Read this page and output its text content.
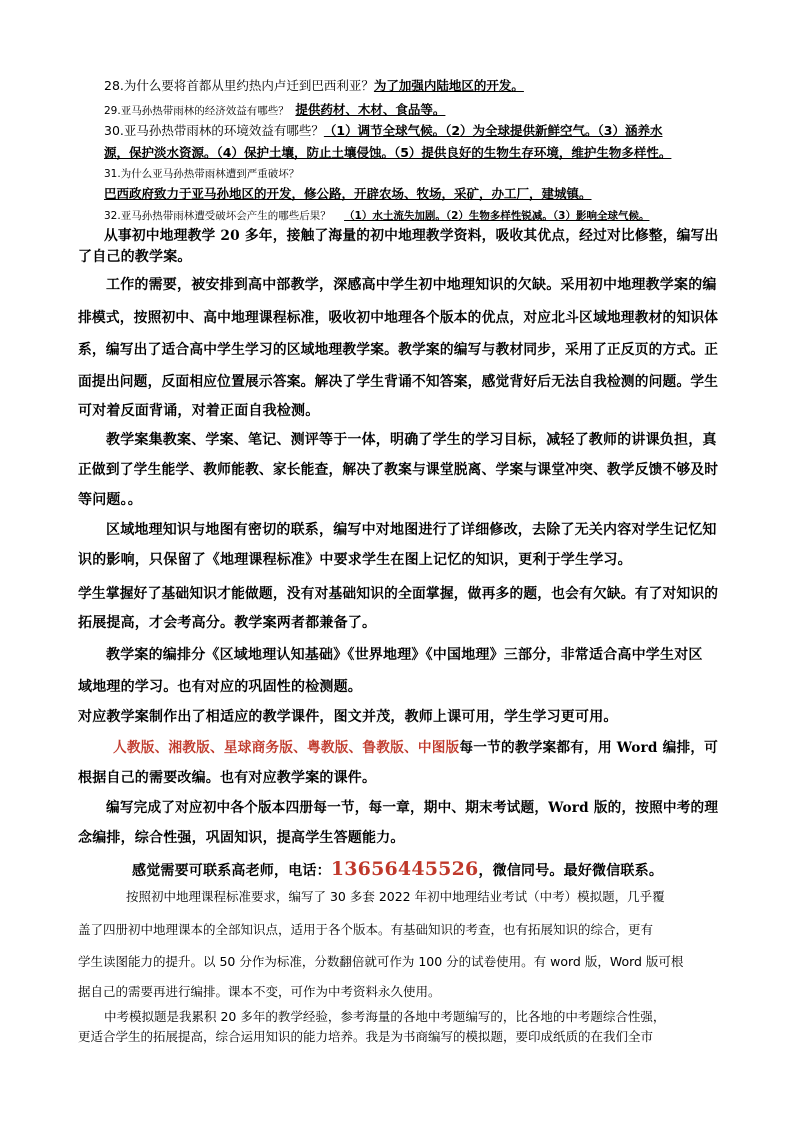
28.为什么要将首都从里约热内卢迁到巴西利亚？为了加强内陆地区的开发。
29.亚马孙热带雨林的经济效益有哪些？ 提供药材、木材、食品等。
30.亚马孙热带雨林的环境效益有哪些？（1）调节全球气候。（2）为全球提供新鲜空气。（3）涵养水
源，保护淡水资源。（4）保护土壤，防止土壤侵蚀。（5）提供良好的生物生存环境，维护生物多样性。
31.为什么亚马孙热带雨林遭到严重破坏？
巴西政府致力于亚马孙地区的开发，修公路，开辟农场、牧场，采矿，办工厂，建城镇。
32.亚马孙热带雨林遭受破坏会产生的哪些后果？ （1）水土流失加剧。（2）生物多样性锐减。（3）影响全球气候。
从事初中地理教学 20 多年，接触了海量的初中地理教学资料，吸收其优点，经过对比修整，编写出
了自己的教学案。
工作的需要，被安排到高中部教学，深感高中学生初中地理知识的欠缺。采用初中地理教学案的编
排模式，按照初中、高中地理课程标准，吸收初中地理各个版本的优点，对应北斗区域地理教材的知识体
系，编写出了适合高中学生学习的区域地理教学案。教学案的编写与教材同步，采用了正反页的方式。正
面提出问题，反面相应位置展示答案。解决了学生背诵不知答案，感觉背好后无法自我检测的问题。学生
可对着反面背诵，对着正面自我检测。
教学案集教案、学案、笔记、测评等于一体，明确了学生的学习目标，减轻了教师的讲课负担，真
正做到了学生能学、教师能教、家长能查，解决了教案与课堂脱离、学案与课堂冲突、教学反馈不够及时
等问题。。
区域地理知识与地图有密切的联系，编写中对地图进行了详细修改，去除了无关内容对学生记忆知
识的影响，只保留了《地理课程标准》中要求学生在图上记忆的知识，更利于学生学习。
学生掌握好了基础知识才能做题，没有对基础知识的全面掌握，做再多的题，也会有欠缺。有了对知识的
拓展提高，才会考高分。教学案两者都兼备了。
教学案的编排分《区域地理认知基础》《世界地理》《中国地理》三部分，非常适合高中学生对区
域地理的学习。也有对应的巩固性的检测题。
对应教学案制作出了相适应的教学课件，图文并茂，教师上课可用，学生学习更可用。
人教版、湘教版、星球商务版、粤教版、鲁教版、中图版每一节的教学案都有，用 Word 编排，可
根据自己的需要改编。也有对应教学案的课件。
编写完成了对应初中各个版本四册每一节，每一章，期中、期末考试题，Word 版的，按照中考的理
念编排，综合性强，巩固知识，提高学生答题能力。
感觉需要可联系高老师，电话：13656445526，微信同号。最好微信联系。
按照初中地理课程标准要求，编写了 30 多套 2022 年初中地理结业考试（中考）模拟题，几乎覆
盖了四册初中地理课本的全部知识点，适用于各个版本。有基础知识的考查，也有拓展知识的综合，更有
学生读图能力的提升。以 50 分作为标准，分数翻倍就可作为 100 分的试卷使用。有 word 版，Word 版可根
据自己的需要再进行编排。课本不变，可作为中考资料永久使用。
中考模拟题是我累积 20 多年的教学经验，参考海量的各地中考题编写的，比各地的中考题综合性强，
更适合学生的拓展提高，综合运用知识的能力培养。我是为书商编写的模拟题，要印成纸质的在我们全市
